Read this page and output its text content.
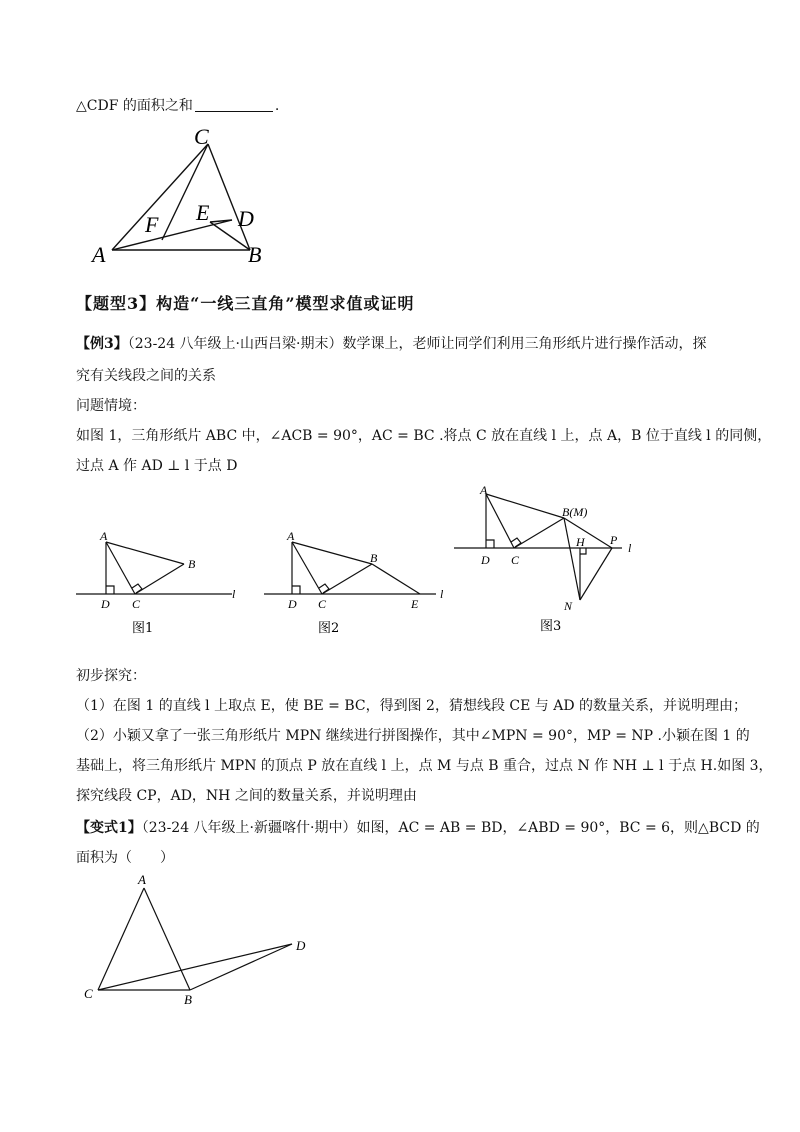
△CDF 的面积之和	.
C
A	B
F E D
【题型3】构造“一线三直角”模型求值或证明
【例3】（23-24 八年级上·山西吕梁·期末）数学课上，老师让同学们利用三角形纸片进行操作活动，探
究有关线段之间的关系
问题情境：
如图 1，三角形纸片 ABC 中，∠ACB = 90°，AC = BC .将点 C 放在直线 l 上，点 A，B 位于直线 l 的同侧，
过点 A 作 AD ⊥ l 于点 D
A
B
D C
l
图1
A
B
D C	E
l
图2
A
B(M)
D C
H P
l
N
图3
初步探究：
（1）在图 1 的直线 l 上取点 E，使 BE = BC，得到图 2，猜想线段 CE 与 AD 的数量关系，并说明理由；
（2）小颖又拿了一张三角形纸片 MPN 继续进行拼图操作，其中∠MPN = 90°，MP = NP .小颖在图 1 的
基础上，将三角形纸片 MPN 的顶点 P 放在直线 l 上，点 M 与点 B 重合，过点 N 作 NH ⊥ l 于点 H.如图 3，
探究线段 CP，AD，NH 之间的数量关系，并说明理由
【变式1】（23-24 八年级上·新疆喀什·期中）如图，AC = AB = BD，∠ABD = 90°，BC = 6，则△BCD 的
面积为（　　）
A
C	B
D
